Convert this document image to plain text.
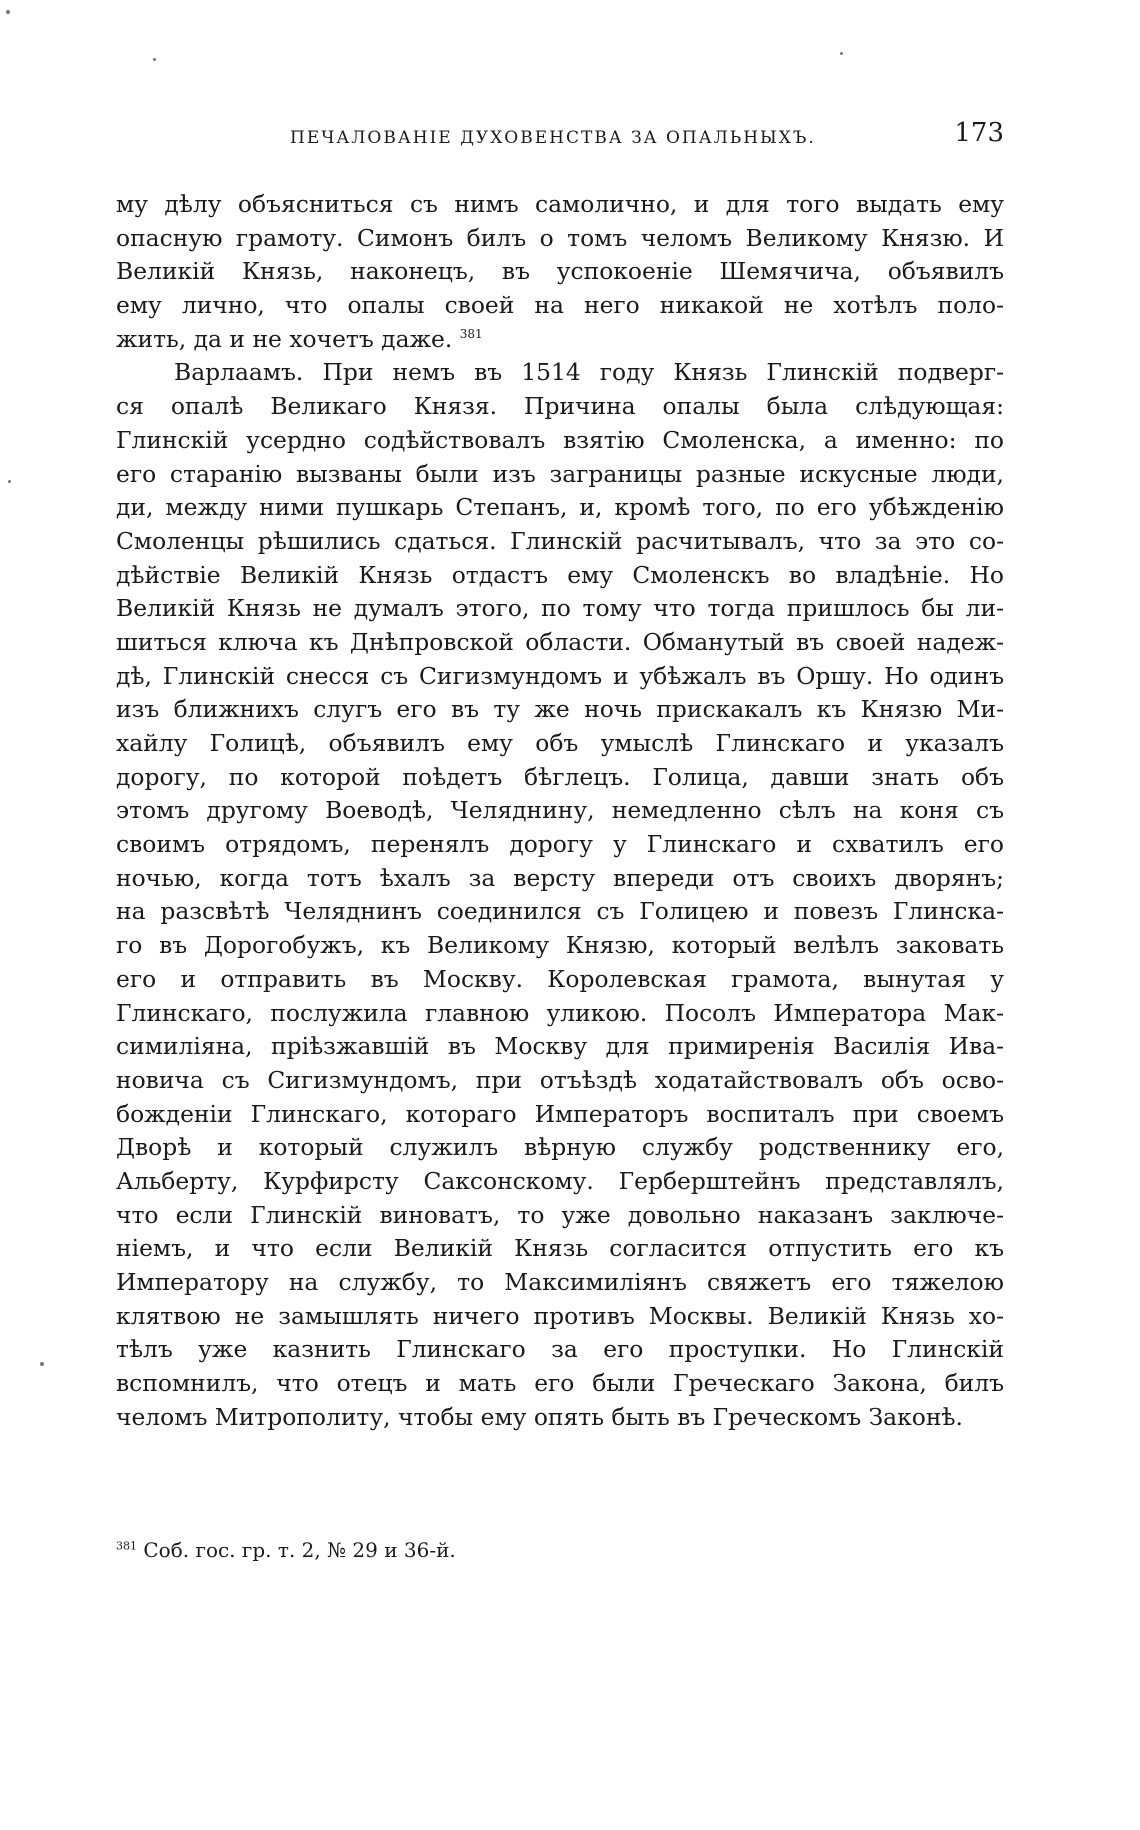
ПЕЧАЛОВАНІЕ ДУХОВЕНСТВА ЗА ОПАЛЬНЫХЪ.	173
му дѣлу объясниться съ нимъ самолично, и для того выдать ему
опасную грамоту. Симонъ билъ о томъ челомъ Великому Князю. И
Великій Князь, наконецъ, въ успокоеніе Шемячича, объявилъ
ему лично, что опалы своей на него никакой не хотѣлъ поло-
жить, да и не хочетъ даже. $^{381}$
Варлаамъ. При немъ въ 1514 году Князь Глинскій подверг-
ся опалѣ Великаго Князя. Причина опалы была слѣдующая:
Глинскій усердно содѣйствовалъ взятію Смоленска, а именно: по
его старанію вызваны были изъ заграницы разные искусные люди,
ди, между ними пушкарь Степанъ, и, кромѣ того, по его убѣжденію
Смоленцы рѣшились сдаться. Глинскій расчитывалъ, что за это со-
дѣйствіе Великій Князь отдастъ ему Смоленскъ во владѣніе. Но
Великій Князь не думалъ этого, по тому что тогда пришлось бы ли-
шиться ключа къ Днѣпровской области. Обманутый въ своей надеж-
дѣ, Глинскій снесся съ Сигизмундомъ и убѣжалъ въ Оршу. Но одинъ
изъ ближнихъ слугъ его въ ту же ночь прискакалъ къ Князю Ми-
хайлу Голицѣ, объявилъ ему объ умыслѣ Глинскаго и указалъ
дорогу, по которой поѣдетъ бѣглецъ. Голица, давши знать объ
этомъ другому Воеводѣ, Челяднину, немедленно сѣлъ на коня съ
своимъ отрядомъ, перенялъ дорогу у Глинскаго и схватилъ его
ночью, когда тотъ ѣхалъ за версту впереди отъ своихъ дворянъ;
на разсвѣтѣ Челяднинъ соединился съ Голицею и повезъ Глинска-
го въ Дорогобужъ, къ Великому Князю, который велѣлъ заковать
его и отправить въ Москву. Королевская грамота, вынутая у
Глинскаго, послужила главною уликою. Посолъ Императора Мак-
симиліяна, пріѣзжавшій въ Москву для примиренія Василія Ива-
новича съ Сигизмундомъ, при отъѣздѣ ходатайствовалъ объ осво-
божденіи Глинскаго, котораго Императоръ воспиталъ при своемъ
Дворѣ и который служилъ вѣрную службу родственнику его,
Альберту, Курфирсту Саксонскому. Герберштейнъ представлялъ,
что если Глинскій виноватъ, то уже довольно наказанъ заключе-
ніемъ, и что если Великій Князь согласится отпустить его къ
Императору на службу, то Максимиліянъ свяжетъ его тяжелою
клятвою не замышлять ничего противъ Москвы. Великій Князь хо-
тѣлъ уже казнить Глинскаго за его проступки. Но Глинскій
вспомнилъ, что отецъ и мать его были Греческаго Закона, билъ
челомъ Митрополиту, чтобы ему опять быть въ Греческомъ Законѣ.
$^{381}$ Соб. гос. гр. т. 2, № 29 и 36-й.
